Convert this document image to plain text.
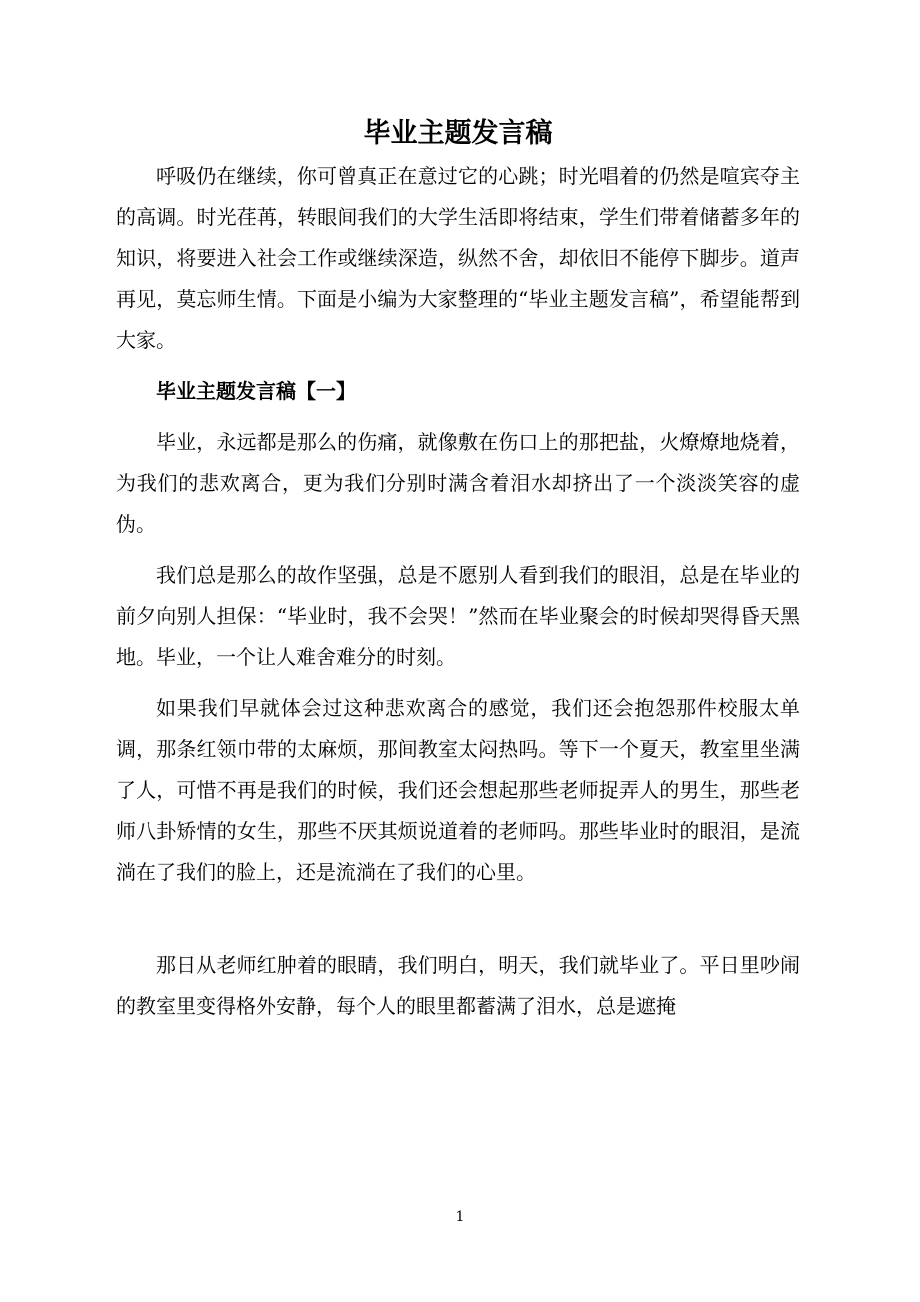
毕业主题发言稿

呼吸仍在继续，你可曾真正在意过它的心跳；时光唱着的仍然是喧宾夺主的高调。时光荏苒，转眼间我们的大学生活即将结束，学生们带着储蓄多年的知识，将要进入社会工作或继续深造，纵然不舍，却依旧不能停下脚步。道声再见，莫忘师生情。下面是小编为大家整理的“毕业主题发言稿”，希望能帮到大家。

毕业主题发言稿【一】

毕业，永远都是那么的伤痛，就像敷在伤口上的那把盐，火燎燎地烧着，为我们的悲欢离合，更为我们分别时满含着泪水却挤出了一个淡淡笑容的虚伪。

我们总是那么的故作坚强，总是不愿别人看到我们的眼泪，总是在毕业的前夕向别人担保：“毕业时，我不会哭！”然而在毕业聚会的时候却哭得昏天黑地。毕业，一个让人难舍难分的时刻。

如果我们早就体会过这种悲欢离合的感觉，我们还会抱怨那件校服太单调，那条红领巾带的太麻烦，那间教室太闷热吗。等下一个夏天，教室里坐满了人，可惜不再是我们的时候，我们还会想起那些老师捉弄人的男生，那些老师八卦矫情的女生，那些不厌其烦说道着的老师吗。那些毕业时的眼泪，是流淌在了我们的脸上，还是流淌在了我们的心里。

那日从老师红肿着的眼睛，我们明白，明天，我们就毕业了。平日里吵闹的教室里变得格外安静，每个人的眼里都蓄满了泪水，总是遮掩

1
